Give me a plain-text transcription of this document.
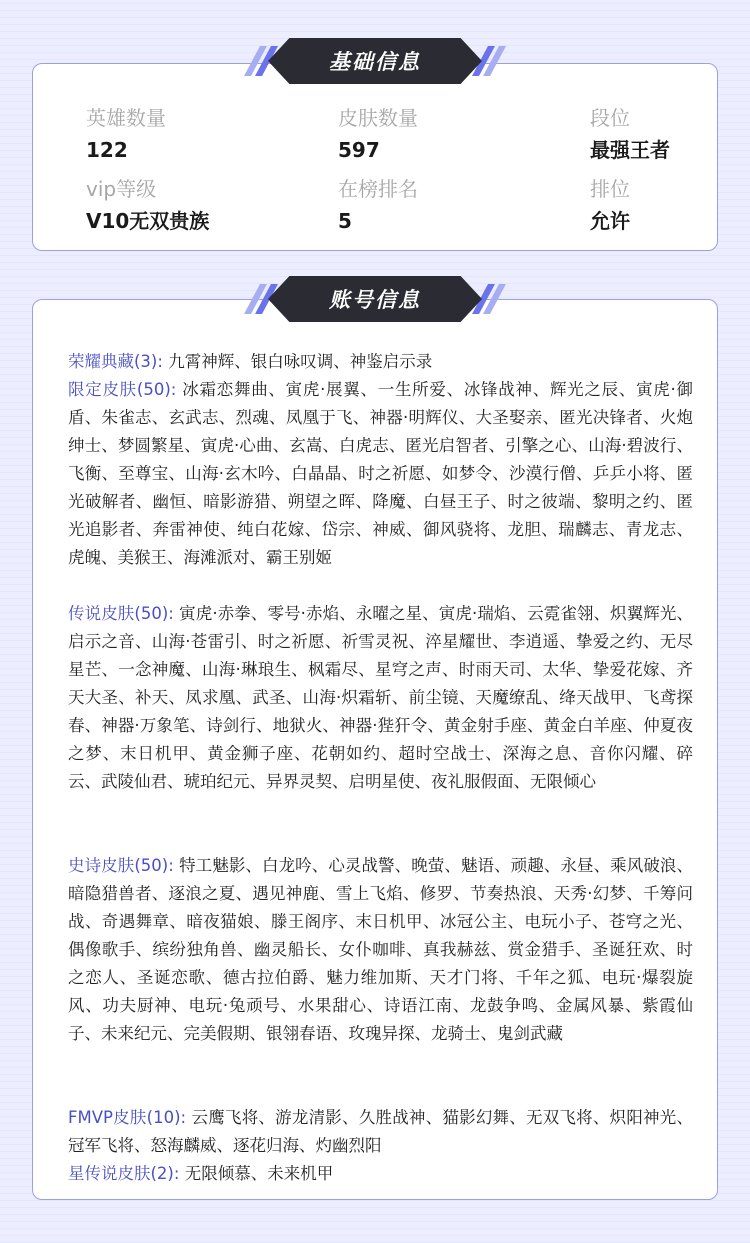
英雄数量
122
皮肤数量
597
段位
最强王者
vip等级
V10无双贵族
在榜排名
5
排位
允许
基础信息
账号信息

荣耀典藏(3): 九霄神辉、银白咏叹调、神鉴启示录

限定皮肤(50): 冰霜恋舞曲、寅虎·展翼、一生所爱、冰锋战神、辉光之辰、寅虎·御盾、朱雀志、玄武志、烈魂、凤凰于飞、神器·明辉仪、大圣娶亲、匿光决锋者、火炮绅士、梦圆繁星、寅虎·心曲、玄嵩、白虎志、匿光启智者、引擎之心、山海·碧波行、飞衡、至尊宝、山海·玄木吟、白晶晶、时之祈愿、如梦令、沙漠行僧、乒乒小将、匿光破解者、幽恒、暗影游猎、朔望之晖、降魔、白昼王子、时之彼端、黎明之约、匿光追影者、奔雷神使、纯白花嫁、岱宗、神威、御风骁将、龙胆、瑞麟志、青龙志、虎魄、美猴王、海滩派对、霸王别姬

传说皮肤(50): 寅虎·赤拳、零号·赤焰、永曜之星、寅虎·瑞焰、云霓雀翎、炽翼辉光、启示之音、山海·苍雷引、时之祈愿、祈雪灵祝、淬星耀世、李逍遥、挚爱之约、无尽星芒、一念神魔、山海·琳琅生、枫霜尽、星穹之声、时雨天司、太华、挚爱花嫁、齐天大圣、补天、凤求凰、武圣、山海·炽霜斩、前尘镜、天魔缭乱、绛天战甲、飞鸢探春、神器·万象笔、诗剑行、地狱火、神器·狴犴令、黄金射手座、黄金白羊座、仲夏夜之梦、末日机甲、黄金狮子座、花朝如约、超时空战士、深海之息、音你闪耀、碎云、武陵仙君、琥珀纪元、异界灵契、启明星使、夜礼服假面、无限倾心

史诗皮肤(50): 特工魅影、白龙吟、心灵战警、晚萤、魅语、顽趣、永昼、乘风破浪、暗隐猎兽者、逐浪之夏、遇见神鹿、雪上飞焰、修罗、节奏热浪、天秀·幻梦、千筹问战、奇遇舞章、暗夜猫娘、滕王阁序、末日机甲、冰冠公主、电玩小子、苍穹之光、偶像歌手、缤纷独角兽、幽灵船长、女仆咖啡、真我赫兹、赏金猎手、圣诞狂欢、时之恋人、圣诞恋歌、德古拉伯爵、魅力维加斯、天才门将、千年之狐、电玩·爆裂旋风、功夫厨神、电玩·兔顽号、水果甜心、诗语江南、龙鼓争鸣、金属风暴、紫霞仙子、未来纪元、完美假期、银翎春语、玫瑰异探、龙骑士、鬼剑武藏

FMVP皮肤(10): 云鹰飞将、游龙清影、久胜战神、猫影幻舞、无双飞将、炽阳神光、冠军飞将、怒海麟威、逐花归海、灼幽烈阳

星传说皮肤(2): 无限倾慕、未来机甲
